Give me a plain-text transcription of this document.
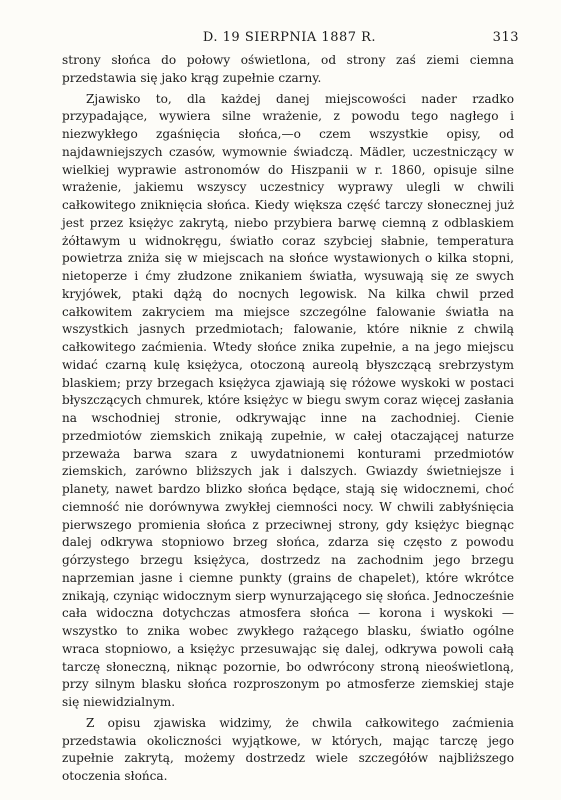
D. 19 SIERPNIA 1887 R.	313

strony słońca do połowy oświetlona, od strony zaś ziemi ciemna przedstawia się jako krąg zupełnie czarny.

Zjawisko to, dla każdej danej miejscowości nader rzadko przypadające, wywiera silne wrażenie, z powodu tego nagłego i niezwykłego zgaśnięcia słońca,—o czem wszystkie opisy, od najdawniejszych czasów, wymownie świadczą. Mädler, uczestniczący w wielkiej wyprawie astronomów do Hiszpanii w r. 1860, opisuje silne wrażenie, jakiemu wszyscy uczestnicy wyprawy ulegli w chwili całkowitego zniknięcia słońca. Kiedy większa część tarczy słonecznej już jest przez księżyc zakrytą, niebo przybiera barwę ciemną z odblaskiem żółtawym u widnokręgu, światło coraz szybciej słabnie, temperatura powietrza zniża się w miejscach na słońce wystawionych o kilka stopni, nietoperze i ćmy złudzone znikaniem światła, wysuwają się ze swych kryjówek, ptaki dążą do nocnych legowisk. Na kilka chwil przed całkowitem zakryciem ma miejsce szczególne falowanie światła na wszystkich jasnych przedmiotach; falowanie, które niknie z chwilą całkowitego zaćmienia. Wtedy słońce znika zupełnie, a na jego miejscu widać czarną kulę księżyca, otoczoną aureolą błyszczącą srebrzystym blaskiem; przy brzegach księżyca zjawiają się różowe wyskoki w postaci błyszczących chmurek, które księżyc w biegu swym coraz więcej zasłania na wschodniej stronie, odkrywając inne na zachodniej. Cienie przedmiotów ziemskich znikają zupełnie, w całej otaczającej naturze przeważa barwa szara z uwydatnionemi konturami przedmiotów ziemskich, zarówno bliższych jak i dalszych. Gwiazdy świetniejsze i planety, nawet bardzo blizko słońca będące, stają się widocznemi, choć ciemność nie dorównywa zwykłej ciemności nocy. W chwili zabłyśnięcia pierwszego promienia słońca z przeciwnej strony, gdy księżyc biegnąc dalej odkrywa stopniowo brzeg słońca, zdarza się często z powodu górzystego brzegu księżyca, dostrzedz na zachodnim jego brzegu naprzemian jasne i ciemne punkty (grains de chapelet), które wkrótce znikają, czyniąc widocznym sierp wynurzającego się słońca. Jednocześnie cała widoczna dotychczas atmosfera słońca — korona i wyskoki — wszystko to znika wobec zwykłego rażącego blasku, światło ogólne wraca stopniowo, a księżyc przesuwając się dalej, odkrywa powoli całą tarczę słoneczną, niknąc pozornie, bo odwrócony stroną nieoświetloną, przy silnym blasku słońca rozproszonym po atmosferze ziemskiej staje się niewidzialnym.

Z opisu zjawiska widzimy, że chwila całkowitego zaćmienia przedstawia okoliczności wyjątkowe, w których, mając tarczę jego zupełnie zakrytą, możemy dostrzedz wiele szczegółów najbliższego otoczenia słońca.
